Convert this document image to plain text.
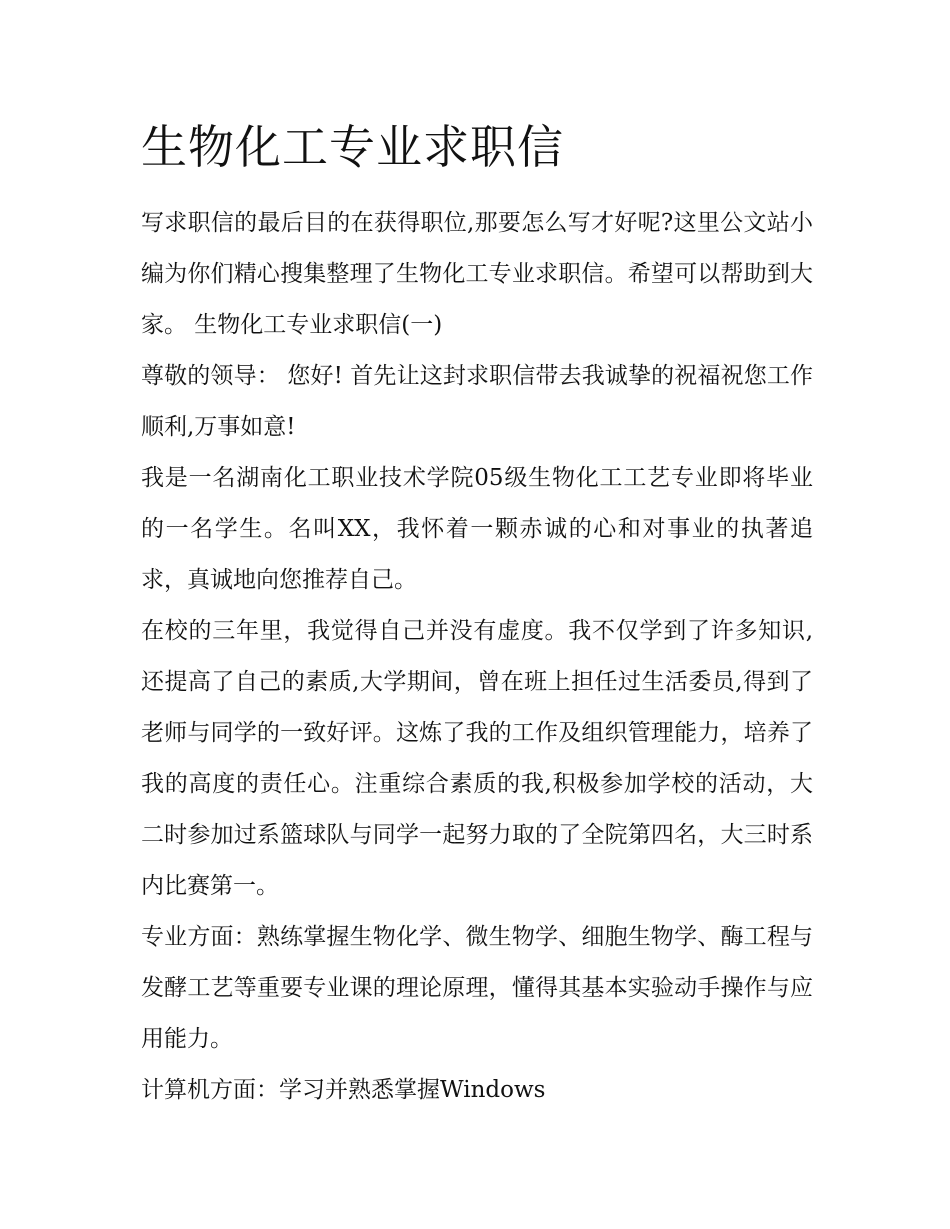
生物化工专业求职信

写求职信的最后目的在获得职位,那要怎么写才好呢?这里公文站小编为你们精心搜集整理了生物化工专业求职信。希望可以帮助到大家。 生物化工专业求职信(一)

尊敬的领导： 您好! 首先让这封求职信带去我诚挚的祝福祝您工作顺利,万事如意!

我是一名湖南化工职业技术学院05级生物化工工艺专业即将毕业的一名学生。名叫XX，我怀着一颗赤诚的心和对事业的执著追求，真诚地向您推荐自己。

在校的三年里，我觉得自己并没有虚度。我不仅学到了许多知识,还提高了自己的素质,大学期间，曾在班上担任过生活委员,得到了老师与同学的一致好评。这炼了我的工作及组织管理能力，培养了我的高度的责任心。注重综合素质的我,积极参加学校的活动，大二时参加过系篮球队与同学一起努力取的了全院第四名，大三时系内比赛第一。

专业方面：熟练掌握生物化学、微生物学、细胞生物学、酶工程与发酵工艺等重要专业课的理论原理，懂得其基本实验动手操作与应用能力。

计算机方面：学习并熟悉掌握Windows
